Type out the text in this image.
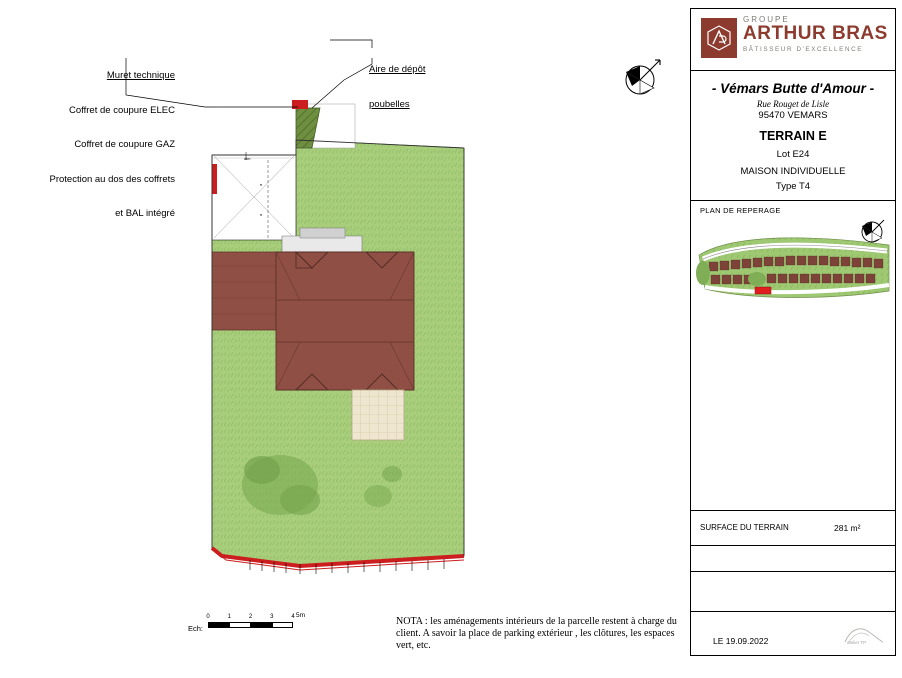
dim
a
a

Muret technique

Coffret de coupure ELEC

Coffret de coupure GAZ

Protection au dos des coffrets

et BAL intégré

Aire de dépôt

poubelles

NOTA : les aménagements intérieurs de la parcelle restent à charge du client. A savoir la place de parking extérieur , les clôtures, les espaces vert, etc.
Ech:
0	1	2	3	4 5m
GROUPE
ARTHUR BRAS
BÂTISSEUR D'EXCELLENCE
- Vémars Butte d'Amour -
Rue Rouget de Lisle
95470 VEMARS
TERRAIN E
Lot E24
MAISON INDIVIDUELLE
Type T4
PLAN DE REPERAGE
SURFACE DU TERRAIN	281 m²
LE 19.09.2022	atelier TP
